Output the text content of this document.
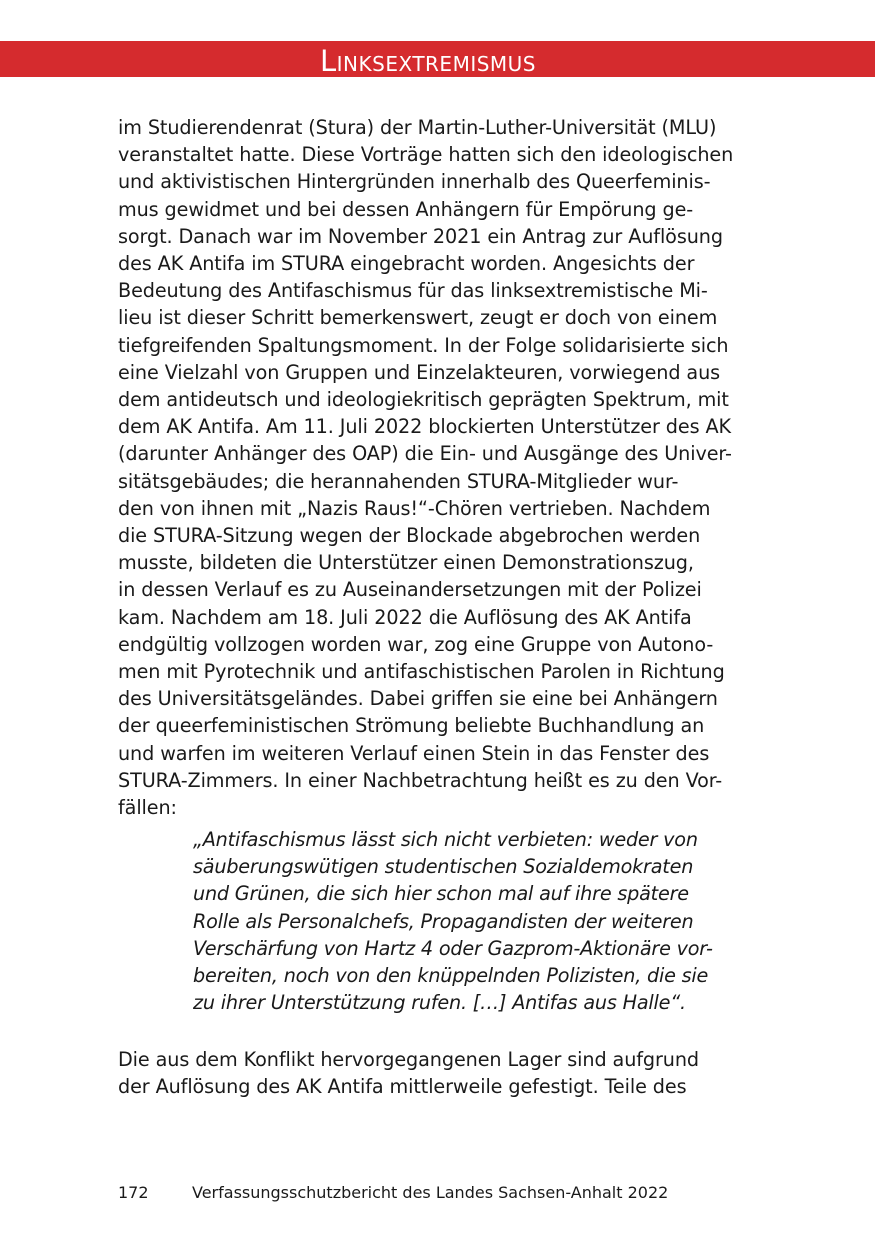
Linksextremismus
im Studierendenrat (Stura) der Martin-Luther-Universität (MLU)
veranstaltet hatte. Diese Vorträge hatten sich den ideologischen
und aktivistischen Hintergründen innerhalb des Queerfeminis-
mus gewidmet und bei dessen Anhängern für Empörung ge-
sorgt. Danach war im November 2021 ein Antrag zur Auflösung
des AK Antifa im STURA eingebracht worden. Angesichts der
Bedeutung des Antifaschismus für das linksextremistische Mi-
lieu ist dieser Schritt bemerkenswert, zeugt er doch von einem
tiefgreifenden Spaltungsmoment. In der Folge solidarisierte sich
eine Vielzahl von Gruppen und Einzelakteuren, vorwiegend aus
dem antideutsch und ideologiekritisch geprägten Spektrum, mit
dem AK Antifa. Am 11. Juli 2022 blockierten Unterstützer des AK
(darunter Anhänger des OAP) die Ein- und Ausgänge des Univer-
sitätsgebäudes; die herannahenden STURA-Mitglieder wur-
den von ihnen mit „Nazis Raus!“-Chören vertrieben. Nachdem
die STURA-Sitzung wegen der Blockade abgebrochen werden
musste, bildeten die Unterstützer einen Demonstrationszug,
in dessen Verlauf es zu Auseinandersetzungen mit der Polizei
kam. Nachdem am 18. Juli 2022 die Auflösung des AK Antifa
endgültig vollzogen worden war, zog eine Gruppe von Autono-
men mit Pyrotechnik und antifaschistischen Parolen in Richtung
des Universitätsgeländes. Dabei griffen sie eine bei Anhängern
der queerfeministischen Strömung beliebte Buchhandlung an
und warfen im weiteren Verlauf einen Stein in das Fenster des
STURA-Zimmers. In einer Nachbetrachtung heißt es zu den Vor-
fällen:
„Antifaschismus lässt sich nicht verbieten: weder von
säuberungswütigen studentischen Sozialdemokraten
und Grünen, die sich hier schon mal auf ihre spätere
Rolle als Personalchefs, Propagandisten der weiteren
Verschärfung von Hartz 4 oder Gazprom-Aktionäre vor-
bereiten, noch von den knüppelnden Polizisten, die sie
zu ihrer Unterstützung rufen. […] Antifas aus Halle“.
Die aus dem Konflikt hervorgegangenen Lager sind aufgrund
der Auflösung des AK Antifa mittlerweile gefestigt. Teile des
172	Verfassungsschutzbericht des Landes Sachsen-Anhalt 2022
